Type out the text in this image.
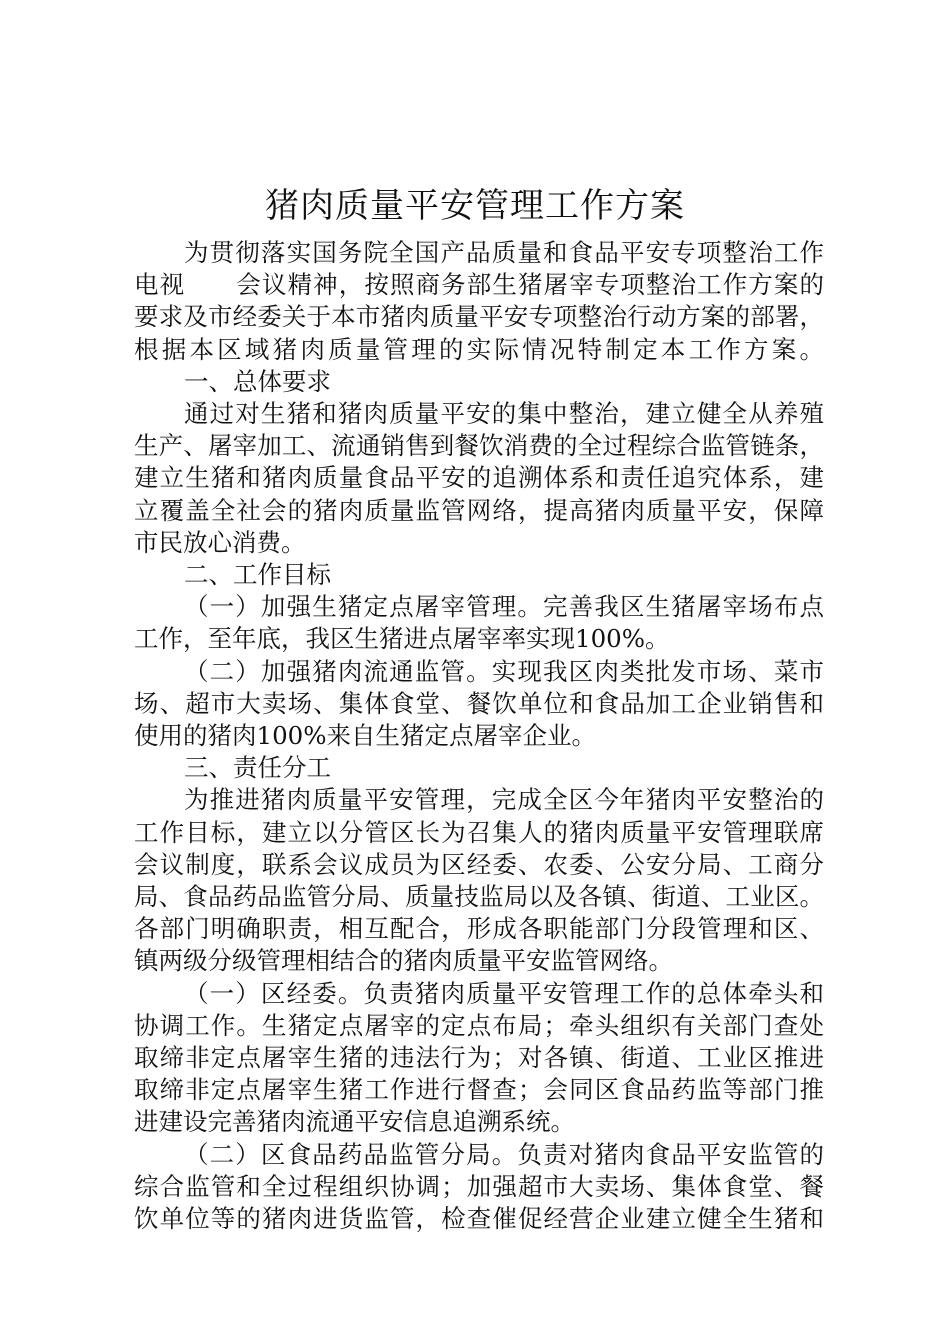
猪肉质量平安管理工作方案
为贯彻落实国务院全国产品质量和食品平安专项整治工作
电视　　会议精神，按照商务部生猪屠宰专项整治工作方案的
要求及市经委关于本市猪肉质量平安专项整治行动方案的部署，
根据本区域猪肉质量管理的实际情况特制定本工作方案。
一、总体要求
通过对生猪和猪肉质量平安的集中整治，建立健全从养殖
生产、屠宰加工、流通销售到餐饮消费的全过程综合监管链条，
建立生猪和猪肉质量食品平安的追溯体系和责任追究体系，建
立覆盖全社会的猪肉质量监管网络，提高猪肉质量平安，保障
市民放心消费。
二、工作目标
（一）加强生猪定点屠宰管理。完善我区生猪屠宰场布点
工作，至年底，我区生猪进点屠宰率实现100%。
（二）加强猪肉流通监管。实现我区肉类批发市场、菜市
场、超市大卖场、集体食堂、餐饮单位和食品加工企业销售和
使用的猪肉100%来自生猪定点屠宰企业。
三、责任分工
为推进猪肉质量平安管理，完成全区今年猪肉平安整治的
工作目标，建立以分管区长为召集人的猪肉质量平安管理联席
会议制度，联系会议成员为区经委、农委、公安分局、工商分
局、食品药品监管分局、质量技监局以及各镇、街道、工业区。
各部门明确职责，相互配合，形成各职能部门分段管理和区、
镇两级分级管理相结合的猪肉质量平安监管网络。
（一）区经委。负责猪肉质量平安管理工作的总体牵头和
协调工作。生猪定点屠宰的定点布局；牵头组织有关部门查处
取缔非定点屠宰生猪的违法行为；对各镇、街道、工业区推进
取缔非定点屠宰生猪工作进行督查；会同区食品药监等部门推
进建设完善猪肉流通平安信息追溯系统。
（二）区食品药品监管分局。负责对猪肉食品平安监管的
综合监管和全过程组织协调；加强超市大卖场、集体食堂、餐
饮单位等的猪肉进货监管，检查催促经营企业建立健全生猪和
